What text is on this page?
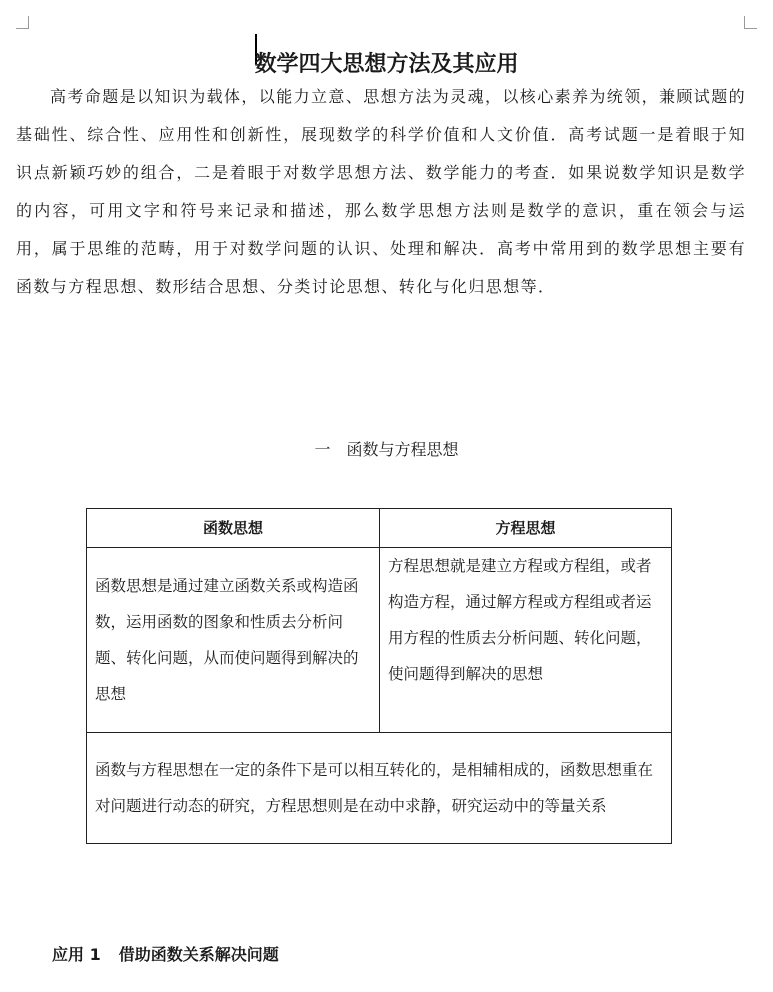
数学四大思想方法及其应用

高考命题是以知识为载体，以能力立意、思想方法为灵魂，以核心素养为统领，兼顾试题的基础性、综合性、应用性和创新性，展现数学的科学价值和人文价值．高考试题一是着眼于知识点新颖巧妙的组合，二是着眼于对数学思想方法、数学能力的考查．如果说数学知识是数学的内容，可用文字和符号来记录和描述，那么数学思想方法则是数学的意识，重在领会与运用，属于思维的范畴，用于对数学问题的认识、处理和解决．高考中常用到的数学思想主要有函数与方程思想、数形结合思想、分类讨论思想、转化与化归思想等．

一 函数与方程思想
函数思想	方程思想
函数思想是通过建立函数关系或构造函数，运用函数的图象和性质去分析问题、转化问题，从而使问题得到解决的思想	方程思想就是建立方程或方程组，或者构造方程，通过解方程或方程组或者运用方程的性质去分析问题、转化问题，使问题得到解决的思想
函数与方程思想在一定的条件下是可以相互转化的，是相辅相成的，函数思想重在对问题进行动态的研究，方程思想则是在动中求静，研究运动中的等量关系	
应用 1 借助函数关系解决问题
